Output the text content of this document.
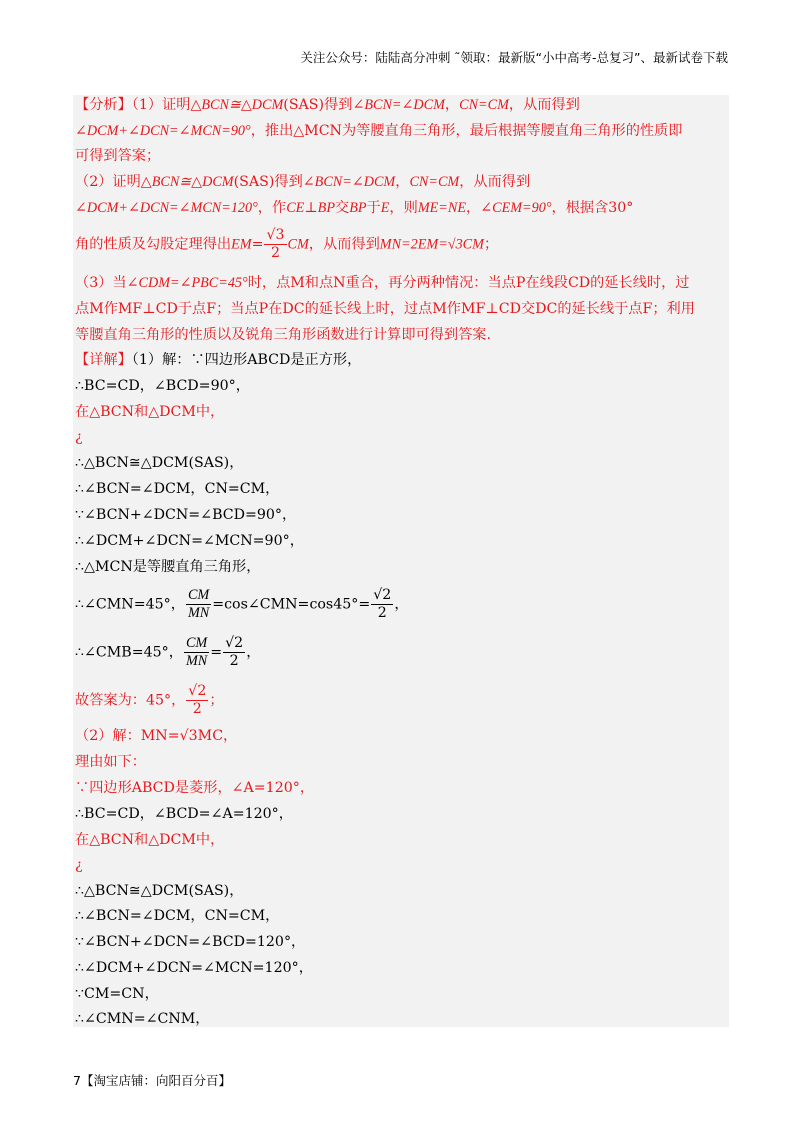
关注公众号：陆陆高分冲刺 ˜领取：最新版“小中高考-总复习”、最新试卷下载
【分析】（1）证明△BCN≅△DCM(SAS)得到∠BCN=∠DCM，CN=CM，从而得到
∠DCM+∠DCN=∠MCN=90°，推出△MCN为等腰直角三角形，最后根据等腰直角三角形的性质即
可得到答案；
（2）证明△BCN≅△DCM(SAS)得到∠BCN=∠DCM，CN=CM，从而得到
∠DCM+∠DCN=∠MCN=120°，作CE⊥BP交BP于E，则ME=NE，∠CEM=90°，根据含30°
角的性质及勾股定理得出$EM= \frac{√3}{2}$ CM，从而得到MN=2EM=√3CM；
（3）当∠CDM=∠PBC=45°时，点M和点N重合，再分两种情况：当点P在线段CD的延长线时，过
点M作MF⊥CD于点F；当点P在DC的延长线上时，过点M作MF⊥CD交DC的延长线于点F；利用
等腰直角三角形的性质以及锐角三角形函数进行计算即可得到答案.
【详解】（1）解：∵四边形ABCD是正方形，
∴BC=CD，∠BCD=90°，
在△BCN和△DCM中，
¿
∴△BCN≅△DCM(SAS)，
∴∠BCN=∠DCM，CN=CM，
∵∠BCN+∠DCN=∠BCD=90°，
∴∠DCM+∠DCN=∠MCN=90°，
∴△MCN是等腰直角三角形，
∴∠CMN=45°， $\frac{CM}{MN}$ =cos∠CMN=cos45°= $\frac{√2}{2}$ ，
∴∠CMB=45°， $\frac{CM}{MN} = \frac{√2}{2}$ ，
故答案为：45°， $\frac{√2}{2}$ ；
（2）解：MN=√3MC，
理由如下：
∵四边形ABCD是菱形，∠A=120°，
∴BC=CD，∠BCD=∠A=120°，
在△BCN和△DCM中，
¿
∴△BCN≅△DCM(SAS)，
∴∠BCN=∠DCM，CN=CM，
∵∠BCN+∠DCN=∠BCD=120°，
∴∠DCM+∠DCN=∠MCN=120°，
∵CM=CN，
∴∠CMN=∠CNM，
7【淘宝店铺：向阳百分百】
